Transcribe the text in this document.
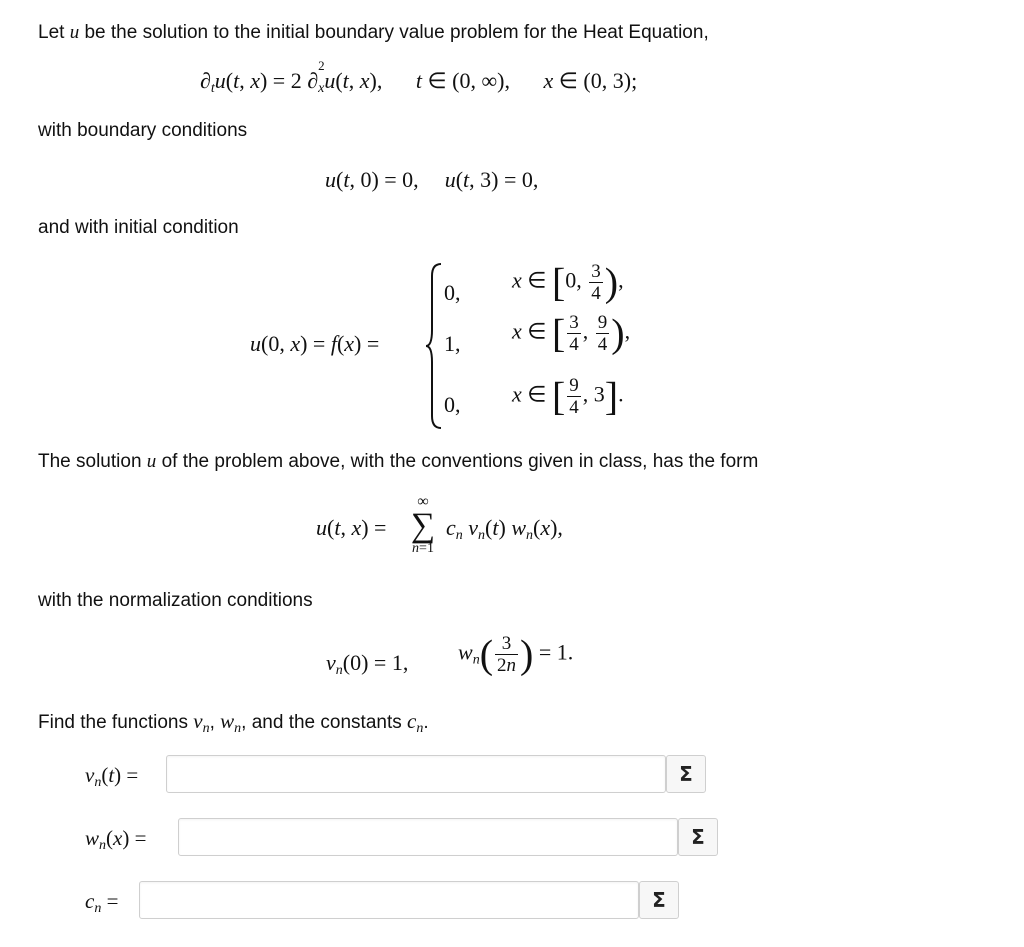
Let u be the solution to the initial boundary value problem for the Heat Equation,
$\partial_tu(t$, x) = 2 ∂
2
$_x$u(t, x), t ∈ (0, ∞), x ∈ (0, 3);
with boundary conditions
u(t, 0) = 0, u(t, 3) = 0,
and with initial condition
u(0, x) = f(x) =
0, x ∈ [0, $\frac{3}{4}$ ),
1, x ∈ [ $\frac{3}{4}$ , $\frac{9}{4}$ ),
0, x ∈ [ $\frac{9}{4}$ , 3].
The solution u of the problem above, with the conventions given in class, has the form
u(t, x) =
∞
∑
n=1
$c_n$ $v_n(t)$ $w_n(x)$,
with the normalization conditions
$v_n(0) = 1$, $w_n( \frac{3}{2n}$ ) = 1.
Find the functions $v_n$, $w_n$, and the constants $c_n$.
$v_n(t)$ =	Σ
$w_n(x)$ =	Σ
$c_n$ =	Σ
